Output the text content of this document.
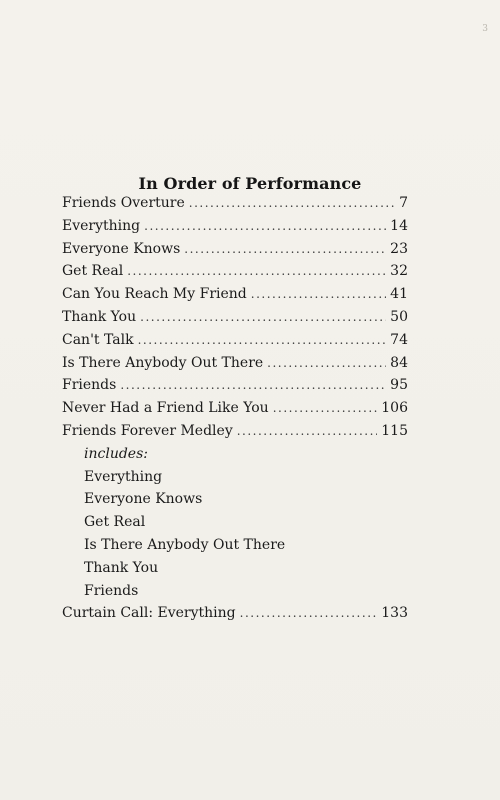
3
In Order of Performance
Friends Overture .....	7
Everything .....	14
Everyone Knows .....	23
Get Real .....	32
Can You Reach My Friend .....	41
Thank You .....	50
Can't Talk .....	74
Is There Anybody Out There .....	84
Friends .....	95
Never Had a Friend Like You .....	106
Friends Forever Medley .....	115
includes:
Everything
Everyone Knows
Get Real
Is There Anybody Out There
Thank You
Friends
Curtain Call: Everything .....	133
